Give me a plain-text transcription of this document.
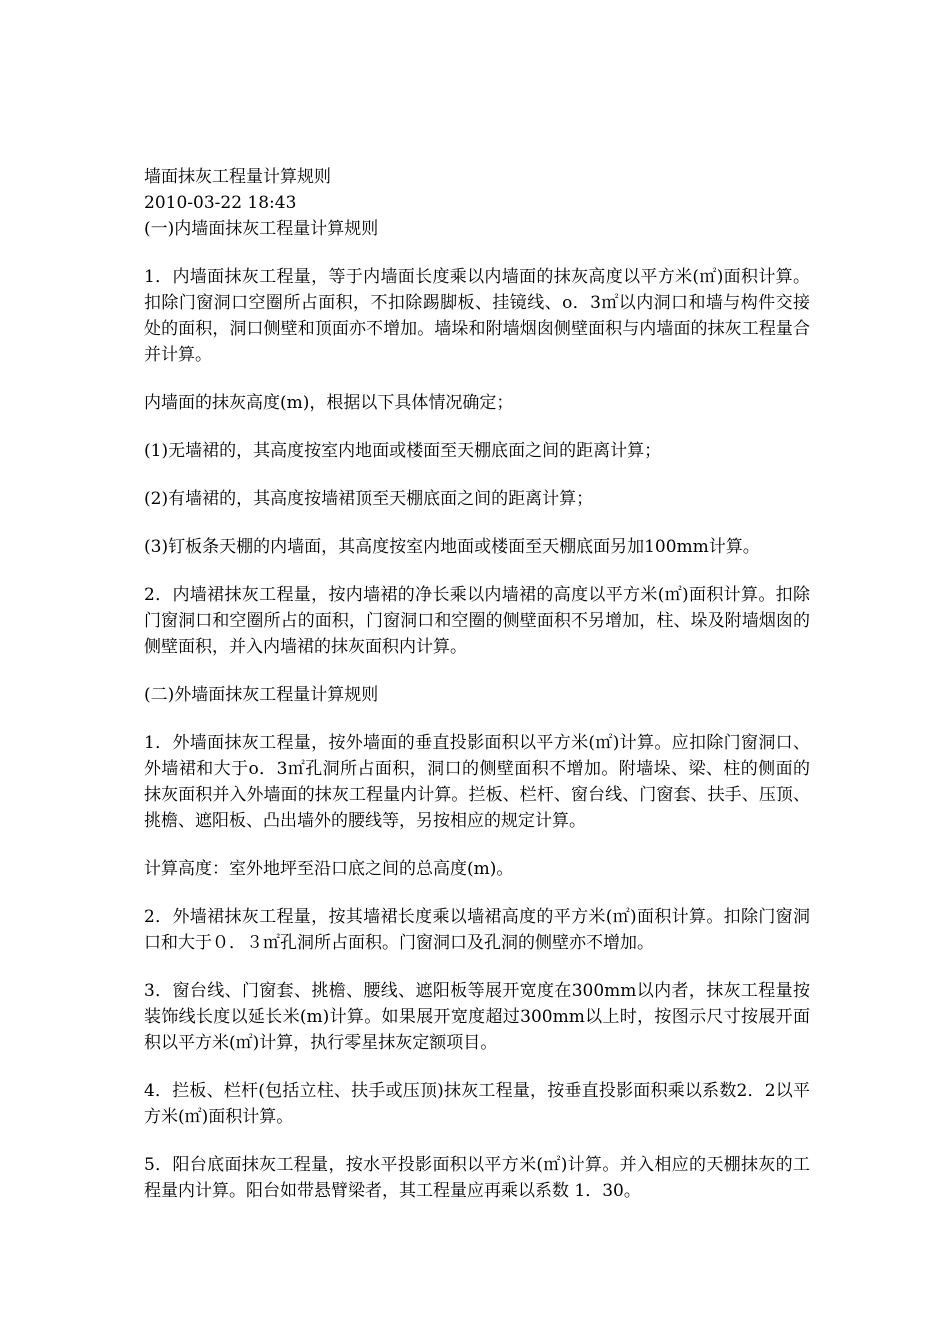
墙面抹灰工程量计算规则

2010-03-22 18:43

(一)内墙面抹灰工程量计算规则

1．内墙面抹灰工程量，等于内墙面长度乘以内墙面的抹灰高度以平方米(㎡)面积计算。扣除门窗洞口空圈所占面积，不扣除踢脚板、挂镜线、o．3㎡以内洞口和墙与构件交接处的面积，洞口侧壁和顶面亦不增加。墙垛和附墙烟囱侧壁面积与内墙面的抹灰工程量合并计算。

内墙面的抹灰高度(m)，根据以下具体情况确定；

(1)无墙裙的，其高度按室内地面或楼面至天棚底面之间的距离计算；

(2)有墙裙的，其高度按墙裙顶至天棚底面之间的距离计算；

(3)钉板条天棚的内墙面，其高度按室内地面或楼面至天棚底面另加100mm计算。

2．内墙裙抹灰工程量，按内墙裙的净长乘以内墙裙的高度以平方米(㎡)面积计算。扣除门窗洞口和空圈所占的面积，门窗洞口和空圈的侧壁面积不另增加，柱、垛及附墙烟囱的侧壁面积，并入内墙裙的抹灰面积内计算。

(二)外墙面抹灰工程量计算规则

1．外墙面抹灰工程量，按外墙面的垂直投影面积以平方米(㎡)计算。应扣除门窗洞口、外墙裙和大于o．3㎡孔洞所占面积，洞口的侧壁面积不增加。附墙垛、梁、柱的侧面的抹灰面积并入外墙面的抹灰工程量内计算。拦板、栏杆、窗台线、门窗套、扶手、压顶、挑檐、遮阳板、凸出墙外的腰线等，另按相应的规定计算。

计算高度：室外地坪至沿口底之间的总高度(m)。

2．外墙裙抹灰工程量，按其墙裙长度乘以墙裙高度的平方米(㎡)面积计算。扣除门窗洞口和大于０．３㎡孔洞所占面积。门窗洞口及孔洞的侧壁亦不增加。

3．窗台线、门窗套、挑檐、腰线、遮阳板等展开宽度在300mm以内者，抹灰工程量按装饰线长度以延长米(m)计算。如果展开宽度超过300mm以上时，按图示尺寸按展开面积以平方米(㎡)计算，执行零星抹灰定额项目。

4．拦板、栏杆(包括立柱、扶手或压顶)抹灰工程量，按垂直投影面积乘以系数2．2以平方米(㎡)面积计算。

5．阳台底面抹灰工程量，按水平投影面积以平方米(㎡)计算。并入相应的天棚抹灰的工程量内计算。阳台如带悬臂梁者，其工程量应再乘以系数 1．30。
